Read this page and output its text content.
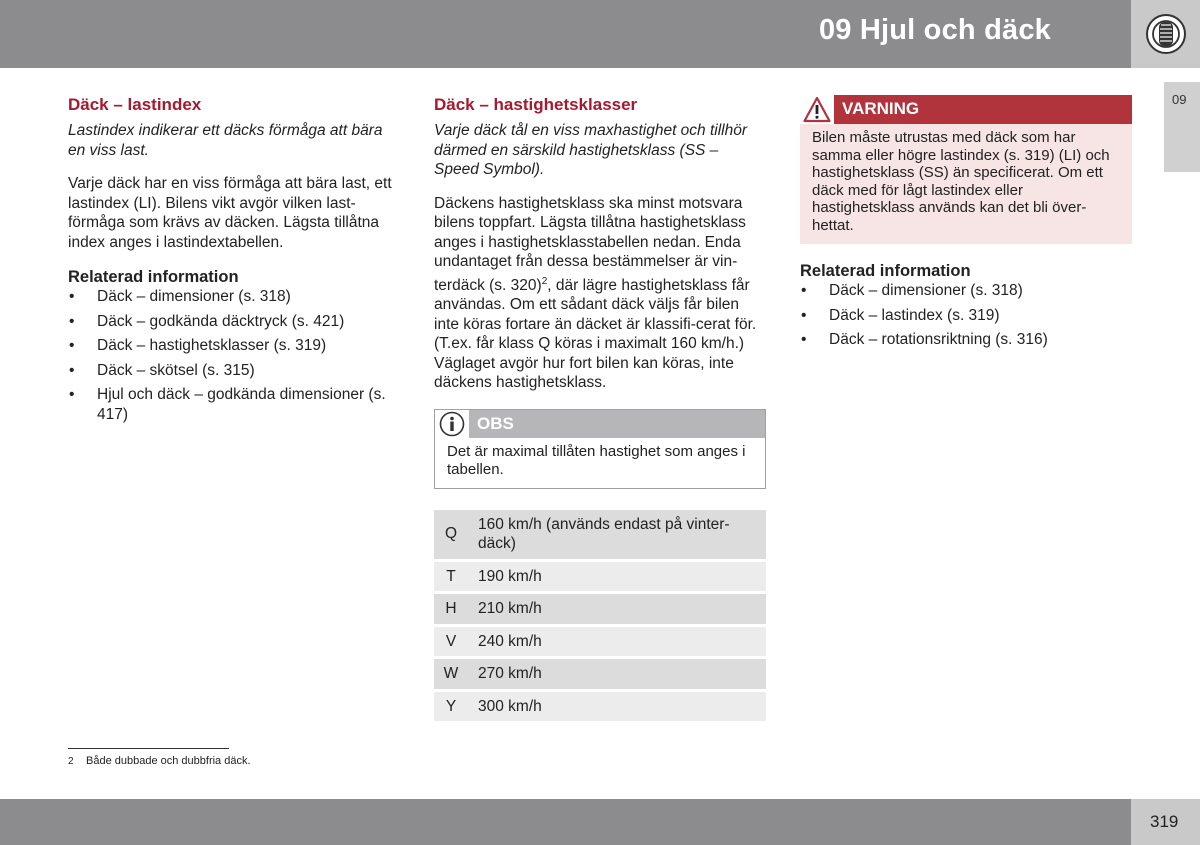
09 Hjul och däck
09
Däck – lastindex

Lastindex indikerar ett däcks förmåga att bära en viss last.

Varje däck har en viss förmåga att bära last, ett lastindex (LI). Bilens vikt avgör vilken last-förmåga som krävs av däcken. Lägsta tillåtna index anges i lastindextabellen.

Relaterad information
• Däck – dimensioner (s. 318)
• Däck – godkända däcktryck (s. 421)
• Däck – hastighetsklasser (s. 319)
• Däck – skötsel (s. 315)
• Hjul och däck – godkända dimensioner (s. 417)
Däck – hastighetsklasser

Varje däck tål en viss maxhastighet och tillhör därmed en särskild hastighetsklass (SS – Speed Symbol).

Däckens hastighetsklass ska minst motsvara bilens toppfart. Lägsta tillåtna hastighetsklass anges i hastighetsklasstabellen nedan. Enda undantaget från dessa bestämmelser är vin-terdäck (s. 320)$^2$, där lägre hastighetsklass får användas. Om ett sådant däck väljs får bilen inte köras fortare än däcket är klassifi-cerat för. (T.ex. får klass Q köras i maximalt 160 km/h.) Väglaget avgör hur fort bilen kan köras, inte däckens hastighetsklass.

OBS
Det är maximal tillåten hastighet som anges i tabellen.
Q	160 km/h (används endast på vinter-däck)
T	190 km/h
H	210 km/h
V	240 km/h
W	270 km/h
Y	300 km/h
VARNING
Bilen måste utrustas med däck som har samma eller högre lastindex (s. 319) (LI) och hastighetsklass (SS) än specificerat. Om ett däck med för lågt lastindex eller hastighetsklass används kan det bli över-hettat.
Relaterad information
• Däck – dimensioner (s. 318)
• Däck – lastindex (s. 319)
• Däck – rotationsriktning (s. 316)
2 Både dubbade och dubbfria däck.
319
